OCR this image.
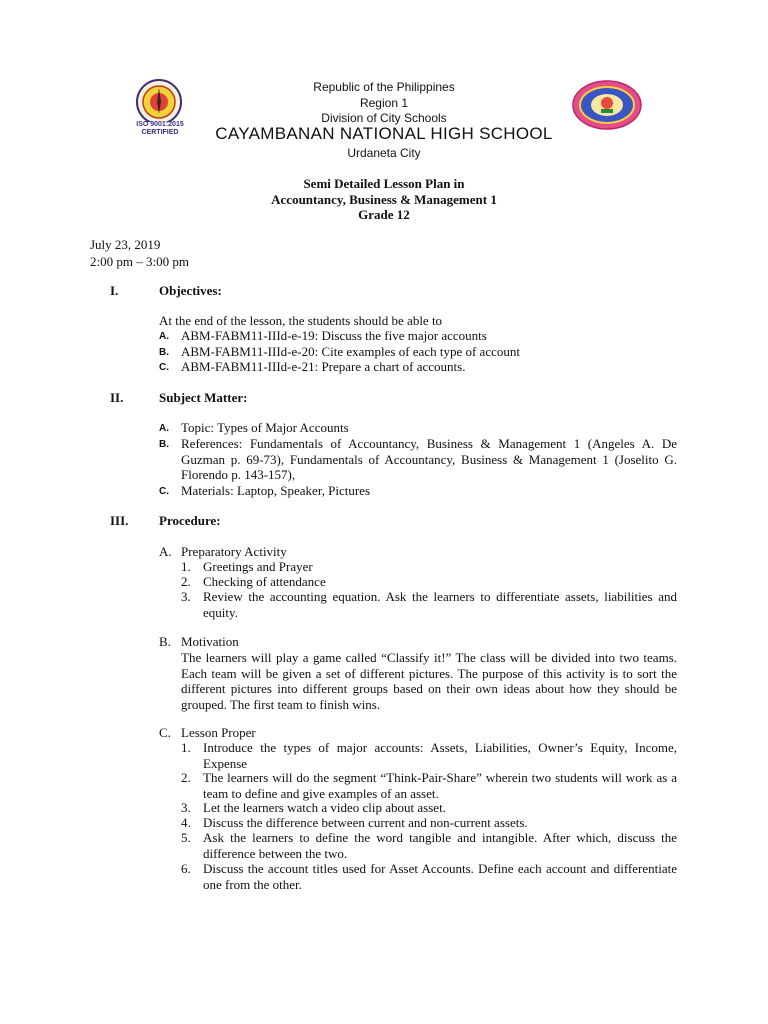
ISO 9001:2015 CERTIFIED
Republic of the Philippines
Region 1
Division of City Schools
CAYAMBANAN NATIONAL HIGH SCHOOL
Urdaneta City
Semi Detailed Lesson Plan in
Accountancy, Business & Management 1
Grade 12
July 23, 2019
2:00 pm – 3:00 pm
I.	Objectives:
At the end of the lesson, the students should be able to
A. ABM-FABM11-IIId-e-19: Discuss the five major accounts
B. ABM-FABM11-IIId-e-20: Cite examples of each type of account
C. ABM-FABM11-IIId-e-21: Prepare a chart of accounts.
II.	Subject Matter:
A. Topic: Types of Major Accounts
B. References: Fundamentals of Accountancy, Business & Management 1 (Angeles A. De Guzman p. 69-73), Fundamentals of Accountancy, Business & Management 1 (Joselito G. Florendo p. 143-157),
C. Materials: Laptop, Speaker, Pictures
III. Procedure:
A. Preparatory Activity
1. Greetings and Prayer
2. Checking of attendance
3. Review the accounting equation. Ask the learners to differentiate assets, liabilities and equity.
B. Motivation
The learners will play a game called “Classify it!” The class will be divided into two teams. Each team will be given a set of different pictures. The purpose of this activity is to sort the different pictures into different groups based on their own ideas about how they should be grouped. The first team to finish wins.
C. Lesson Proper
1. Introduce the types of major accounts: Assets, Liabilities, Owner’s Equity, Income, Expense
2. The learners will do the segment “Think-Pair-Share” wherein two students will work as a team to define and give examples of an asset.
3. Let the learners watch a video clip about asset.
4. Discuss the difference between current and non-current assets.
5. Ask the learners to define the word tangible and intangible. After which, discuss the difference between the two.
6. Discuss the account titles used for Asset Accounts. Define each account and differentiate one from the other.
